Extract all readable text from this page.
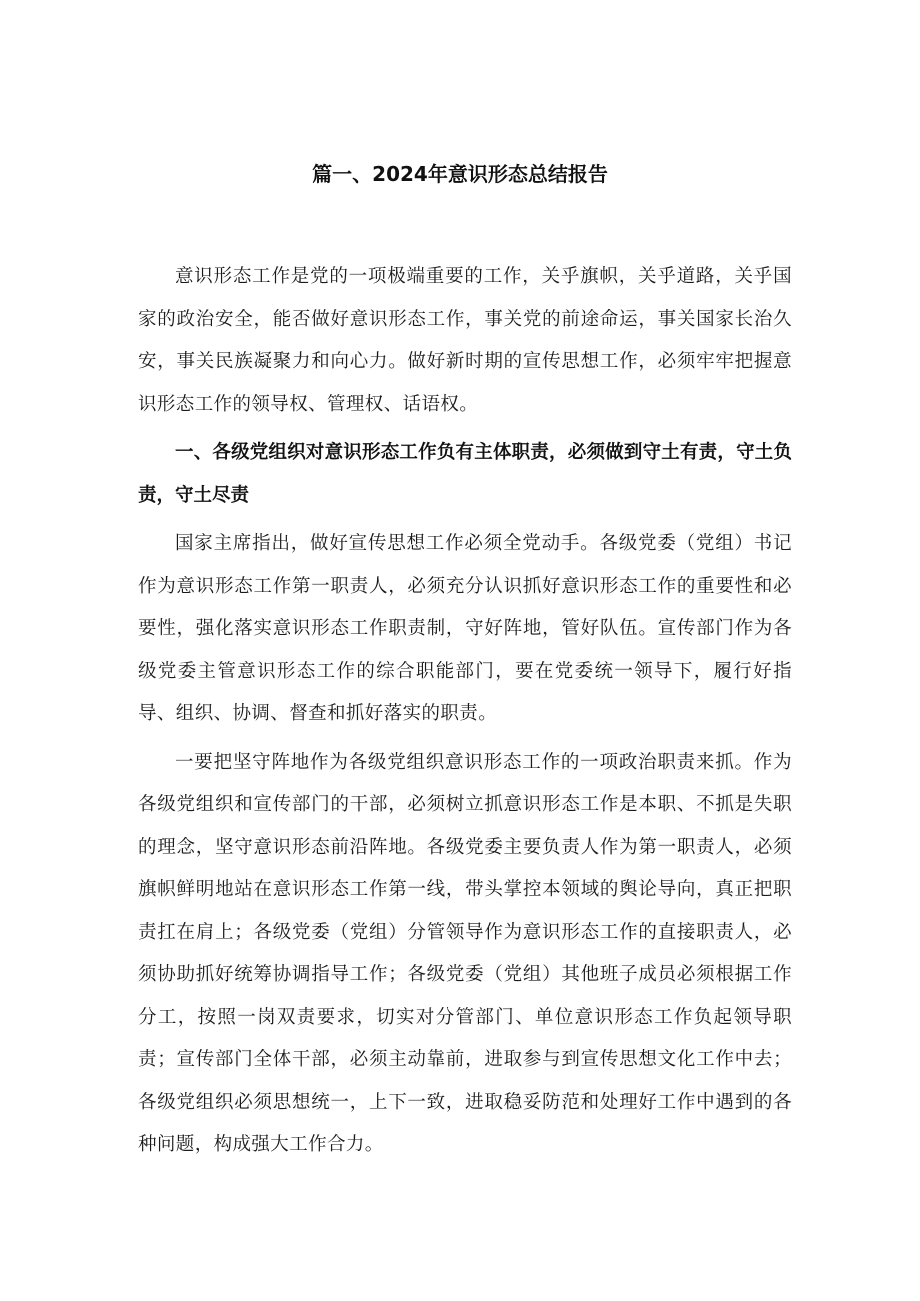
篇一、2024年意识形态总结报告

意识形态工作是党的一项极端重要的工作，关乎旗帜，关乎道路，关乎国家的政治安全，能否做好意识形态工作，事关党的前途命运，事关国家长治久安，事关民族凝聚力和向心力。做好新时期的宣传思想工作，必须牢牢把握意识形态工作的领导权、管理权、话语权。

一、各级党组织对意识形态工作负有主体职责，必须做到守土有责，守土负责，守土尽责

国家主席指出，做好宣传思想工作必须全党动手。各级党委（党组）书记作为意识形态工作第一职责人，必须充分认识抓好意识形态工作的重要性和必要性，强化落实意识形态工作职责制，守好阵地，管好队伍。宣传部门作为各级党委主管意识形态工作的综合职能部门，要在党委统一领导下，履行好指导、组织、协调、督查和抓好落实的职责。

一要把坚守阵地作为各级党组织意识形态工作的一项政治职责来抓。作为各级党组织和宣传部门的干部，必须树立抓意识形态工作是本职、不抓是失职的理念，坚守意识形态前沿阵地。各级党委主要负责人作为第一职责人，必须旗帜鲜明地站在意识形态工作第一线，带头掌控本领域的舆论导向，真正把职责扛在肩上；各级党委（党组）分管领导作为意识形态工作的直接职责人，必须协助抓好统筹协调指导工作；各级党委（党组）其他班子成员必须根据工作分工，按照一岗双责要求，切实对分管部门、单位意识形态工作负起领导职责；宣传部门全体干部，必须主动靠前，进取参与到宣传思想文化工作中去；各级党组织必须思想统一，上下一致，进取稳妥防范和处理好工作中遇到的各种问题，构成强大工作合力。
